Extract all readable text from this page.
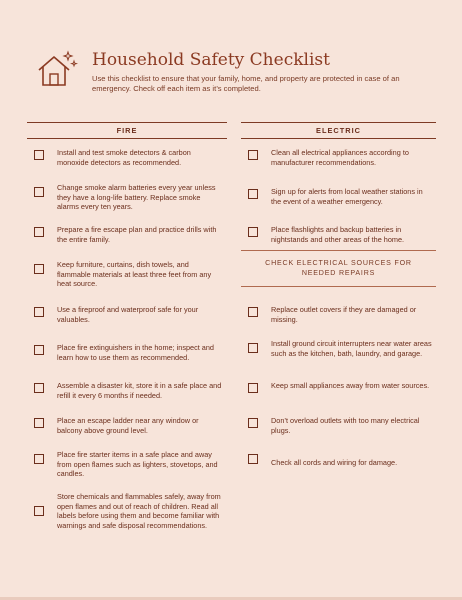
Household Safety Checklist
Use this checklist to ensure that your family, home, and property are protected in case of an emergency. Check off each item as it’s completed.
FIRE
Install and test smoke detectors & carbon monoxide detectors as recommended.
Change smoke alarm batteries every year unless they have a long-life battery. Replace smoke alarms every ten years.
Prepare a fire escape plan and practice drills with the entire family.
Keep furniture, curtains, dish towels, and flammable materials at least three feet from any heat source.
Use a fireproof and waterproof safe for your valuables.
Place fire extinguishers in the home; inspect and learn how to use them as recommended.
Assemble a disaster kit, store it in a safe place and refill it every 6 months if needed.
Place an escape ladder near any window or balcony above ground level.
Place fire starter items in a safe place and away from open flames such as lighters, stovetops, and candles.
Store chemicals and flammables safely, away from open flames and out of reach of children. Read all labels before using them and become familiar with warnings and safe disposal recommendations.
ELECTRIC
Clean all electrical appliances according to manufacturer recommendations.
Sign up for alerts from local weather stations in the event of a weather emergency.
Place flashlights and backup batteries in nightstands and other areas of the home.
CHECK ELECTRICAL SOURCES FOR NEEDED REPAIRS
Replace outlet covers if they are damaged or missing.
Install ground circuit interrupters near water areas such as the kitchen, bath, laundry, and garage.
Keep small appliances away from water sources.
Don’t overload outlets with too many electrical plugs.
Check all cords and wiring for damage.
